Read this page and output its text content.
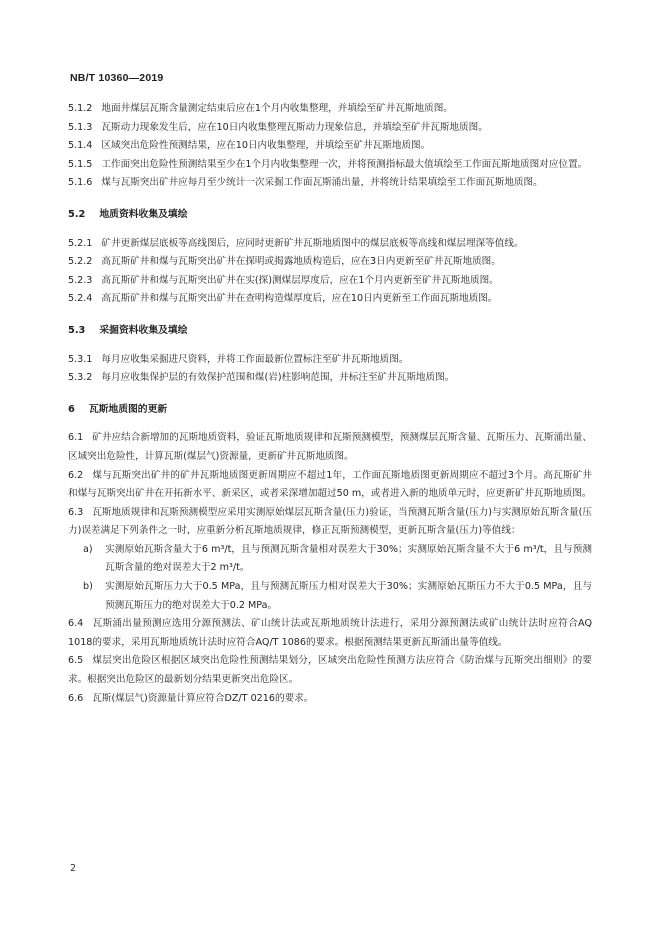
NB/T 10360—2019

5.1.2 地面井煤层瓦斯含量测定结束后应在1个月内收集整理，并填绘至矿井瓦斯地质图。

5.1.3 瓦斯动力现象发生后，应在10日内收集整理瓦斯动力现象信息，并填绘至矿井瓦斯地质图。

5.1.4 区域突出危险性预测结果，应在10日内收集整理，并填绘至矿井瓦斯地质图。

5.1.5 工作面突出危险性预测结果至少在1个月内收集整理一次，并将预测指标最大值填绘至工作面瓦斯地质图对应位置。

5.1.6 煤与瓦斯突出矿井应每月至少统计一次采掘工作面瓦斯涌出量，并将统计结果填绘至工作面瓦斯地质图。

5.2 地质资料收集及填绘

5.2.1 矿井更新煤层底板等高线图后，应同时更新矿井瓦斯地质图中的煤层底板等高线和煤层埋深等值线。

5.2.2 高瓦斯矿井和煤与瓦斯突出矿井在探明或揭露地质构造后，应在3日内更新至矿井瓦斯地质图。

5.2.3 高瓦斯矿井和煤与瓦斯突出矿井在实(探)测煤层厚度后，应在1个月内更新至矿井瓦斯地质图。

5.2.4 高瓦斯矿井和煤与瓦斯突出矿井在查明构造煤厚度后，应在10日内更新至工作面瓦斯地质图。

5.3 采掘资料收集及填绘

5.3.1 每月应收集采掘进尺资料，并将工作面最新位置标注至矿井瓦斯地质图。

5.3.2 每月应收集保护层的有效保护范围和煤(岩)柱影响范围，并标注至矿井瓦斯地质图。

6 瓦斯地质图的更新

6.1 矿井应结合新增加的瓦斯地质资料，验证瓦斯地质规律和瓦斯预测模型，预测煤层瓦斯含量、瓦斯压力、瓦斯涌出量、区域突出危险性，计算瓦斯(煤层气)资源量，更新矿井瓦斯地质图。

6.2 煤与瓦斯突出矿井的矿井瓦斯地质图更新周期应不超过1年，工作面瓦斯地质图更新周期应不超过3个月。高瓦斯矿井和煤与瓦斯突出矿井在开拓新水平、新采区，或者采深增加超过50 m，或者进入新的地质单元时，应更新矿井瓦斯地质图。

6.3 瓦斯地质规律和瓦斯预测模型应采用实测原始煤层瓦斯含量(压力)验证，当预测瓦斯含量(压力)与实测原始瓦斯含量(压力)误差满足下列条件之一时，应重新分析瓦斯地质规律，修正瓦斯预测模型，更新瓦斯含量(压力)等值线：

a) 实测原始瓦斯含量大于6 m³/t，且与预测瓦斯含量相对误差大于30%；实测原始瓦斯含量不大于6 m³/t，且与预测瓦斯含量的绝对误差大于2 m³/t。

b) 实测原始瓦斯压力大于0.5 MPa，且与预测瓦斯压力相对误差大于30%；实测原始瓦斯压力不大于0.5 MPa，且与预测瓦斯压力的绝对误差大于0.2 MPa。

6.4 瓦斯涌出量预测应选用分源预测法、矿山统计法或瓦斯地质统计法进行，采用分源预测法或矿山统计法时应符合AQ 1018的要求，采用瓦斯地质统计法时应符合AQ/T 1086的要求。根据预测结果更新瓦斯涌出量等值线。

6.5 煤层突出危险区根据区域突出危险性预测结果划分，区域突出危险性预测方法应符合《防治煤与瓦斯突出细则》的要求。根据突出危险区的最新划分结果更新突出危险区。

6.6 瓦斯(煤层气)资源量计算应符合DZ/T 0216的要求。

2
